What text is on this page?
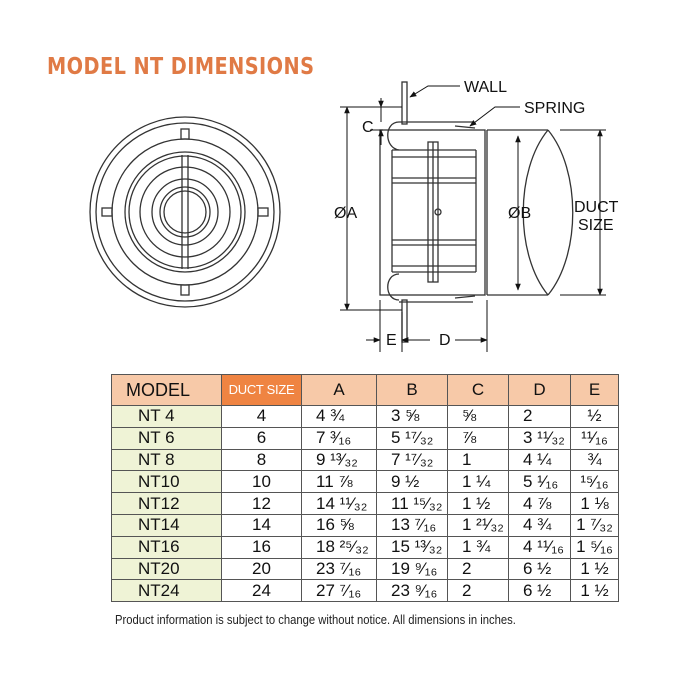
MODEL NT DIMENSIONS
WALL
SPRING
C
ØA	ØB	DUCT
SIZE
E	D
MODEL	DUCT SIZE	A	B	C	D	E
NT 4	4	4 ¾	3 ⅝	⅝	2	½
NT 6	6	7 ³⁄₁₆	5 ¹⁷⁄₃₂	⅞	3 ¹¹⁄₃₂	¹¹⁄₁₆
NT 8	8	9 ¹³⁄₃₂	7 ¹⁷⁄₃₂	1	4 ¼	¾
NT10	10	11 ⅞	9 ½	1 ¼	5 ¹⁄₁₆	¹⁵⁄₁₆
NT12	12	14 ¹¹⁄₃₂	11 ¹⁵⁄₃₂	1 ½	4 ⅞	1 ⅛
NT14	14	16 ⅝	13 ⁷⁄₁₆	1 ²¹⁄₃₂	4 ¾	1 ⁷⁄₃₂
NT16	16	18 ²⁵⁄₃₂	15 ¹³⁄₃₂	1 ¾	4 ¹¹⁄₁₆	1 ⁵⁄₁₆
NT20	20	23 ⁷⁄₁₆	19 ⁹⁄₁₆	2	6 ½	1 ½
NT24	24	27 ⁷⁄₁₆	23 ⁹⁄₁₆	2	6 ½	1 ½
Product information is subject to change without notice. All dimensions in inches.
